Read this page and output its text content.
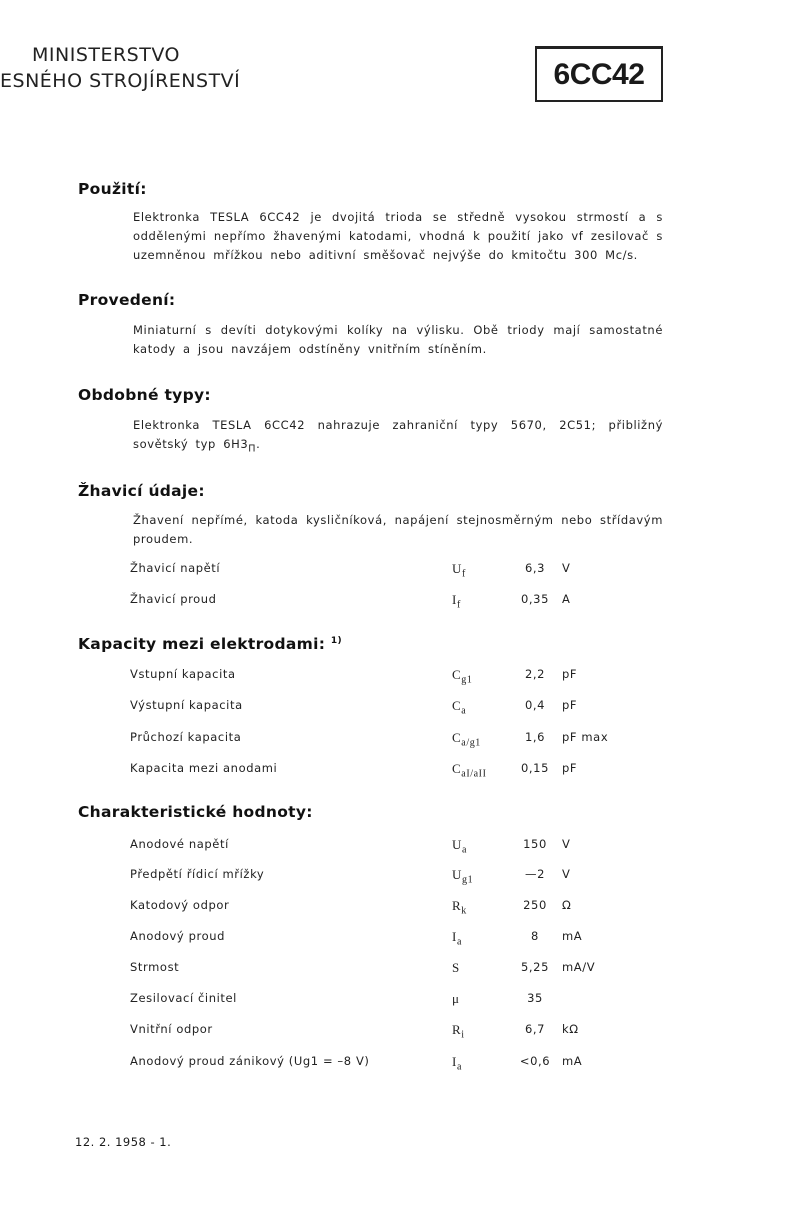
MINISTERSTVO
ESNÉHO STROJÍRENSTVÍ	6CC42
Použití:
Elektronka TESLA 6CC42 je dvojitá trioda se středně vysokou strmostí a s oddělenými nepřímo žhavenými katodami, vhodná k použití jako vf zesilovač s uzemněnou mřížkou nebo aditivní směšovač nejvýše do kmitočtu 300 Mc/s.
Provedení:
Miniaturní s devíti dotykovými kolíky na výlisku. Obě triody mají samostatné katody a jsou navzájem odstíněny vnitřním stíněním.
Obdobné typy:
Elektronka TESLA 6CC42 nahrazuje zahraniční typy 5670, 2C51; přibližný sovětský typ $6H3_П$.
Žhavicí údaje:
Žhavení nepřímé, katoda kysličníková, napájení stejnosměrným nebo střídavým proudem.
Kapacity mezi elektrodami: $^{1)}$
Charakteristické hodnoty:
Žhavicí napětí	$U_f$	6,3	V
Žhavicí proud	$I_f$	0,35	A
Vstupní kapacita	$C_{g1}$	2,2	pF
Výstupní kapacita	$C_a$	0,4	pF
Průchozí kapacita	$C_{a/g1}$	1,6	pF max
Kapacita mezi anodami	$C_{aI/aII}$	0,15	pF
Anodové napětí	$U_a$	150	V
Předpětí řídicí mřížky	$U_{g1}$	—2	V
Katodový odpor	$R_k$	250	Ω
Anodový proud	$I_a$	8	mA
Strmost	S	5,25	mA/V
Zesilovací činitel	μ	35
Vnitřní odpor	$R_i$	6,7	kΩ
Anodový proud zánikový (Ug1 = –8 V)	$I_a$	<0,6	mA
12. 2. 1958 - 1.
